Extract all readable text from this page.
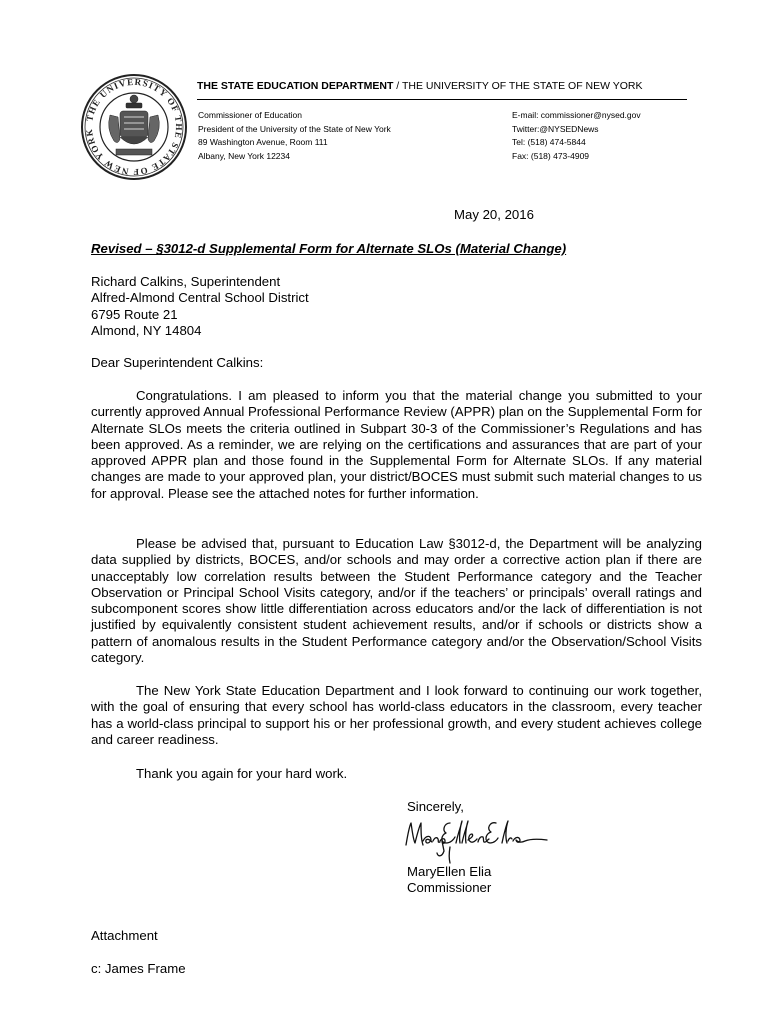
THE UNIVERSITY OF THE STATE OF NEW YORK
THE STATE EDUCATION DEPARTMENT / THE UNIVERSITY OF THE STATE OF NEW YORK
Commissioner of Education
President of the University of the State of New York
89 Washington Avenue, Room 111
Albany, New York 12234
E-mail: commissioner@nysed.gov
Twitter:@NYSEDNews
Tel: (518) 474-5844
Fax: (518) 473-4909
May 20, 2016
Revised – §3012-d Supplemental Form for Alternate SLOs (Material Change)
Richard Calkins, Superintendent
Alfred-Almond Central School District
6795 Route 21
Almond, NY 14804
Dear Superintendent Calkins:

Congratulations. I am pleased to inform you that the material change you submitted to your currently approved Annual Professional Performance Review (APPR) plan on the Supplemental Form for Alternate SLOs meets the criteria outlined in Subpart 30-3 of the Commissioner’s Regulations and has been approved. As a reminder, we are relying on the certifications and assurances that are part of your approved APPR plan and those found in the Supplemental Form for Alternate SLOs. If any material changes are made to your approved plan, your district/BOCES must submit such material changes to us for approval. Please see the attached notes for further information.

Please be advised that, pursuant to Education Law §3012-d, the Department will be analyzing data supplied by districts, BOCES, and/or schools and may order a corrective action plan if there are unacceptably low correlation results between the Student Performance category and the Teacher Observation or Principal School Visits category, and/or if the teachers’ or principals’ overall ratings and subcomponent scores show little differentiation across educators and/or the lack of differentiation is not justified by equivalently consistent student achievement results, and/or if schools or districts show a pattern of anomalous results in the Student Performance category and/or the Observation/School Visits category.

The New York State Education Department and I look forward to continuing our work together, with the goal of ensuring that every school has world-class educators in the classroom, every teacher has a world-class principal to support his or her professional growth, and every student achieves college and career readiness.

Thank you again for your hard work.
Sincerely,
MaryEllen Elia
Commissioner
Attachment
c: James Frame
